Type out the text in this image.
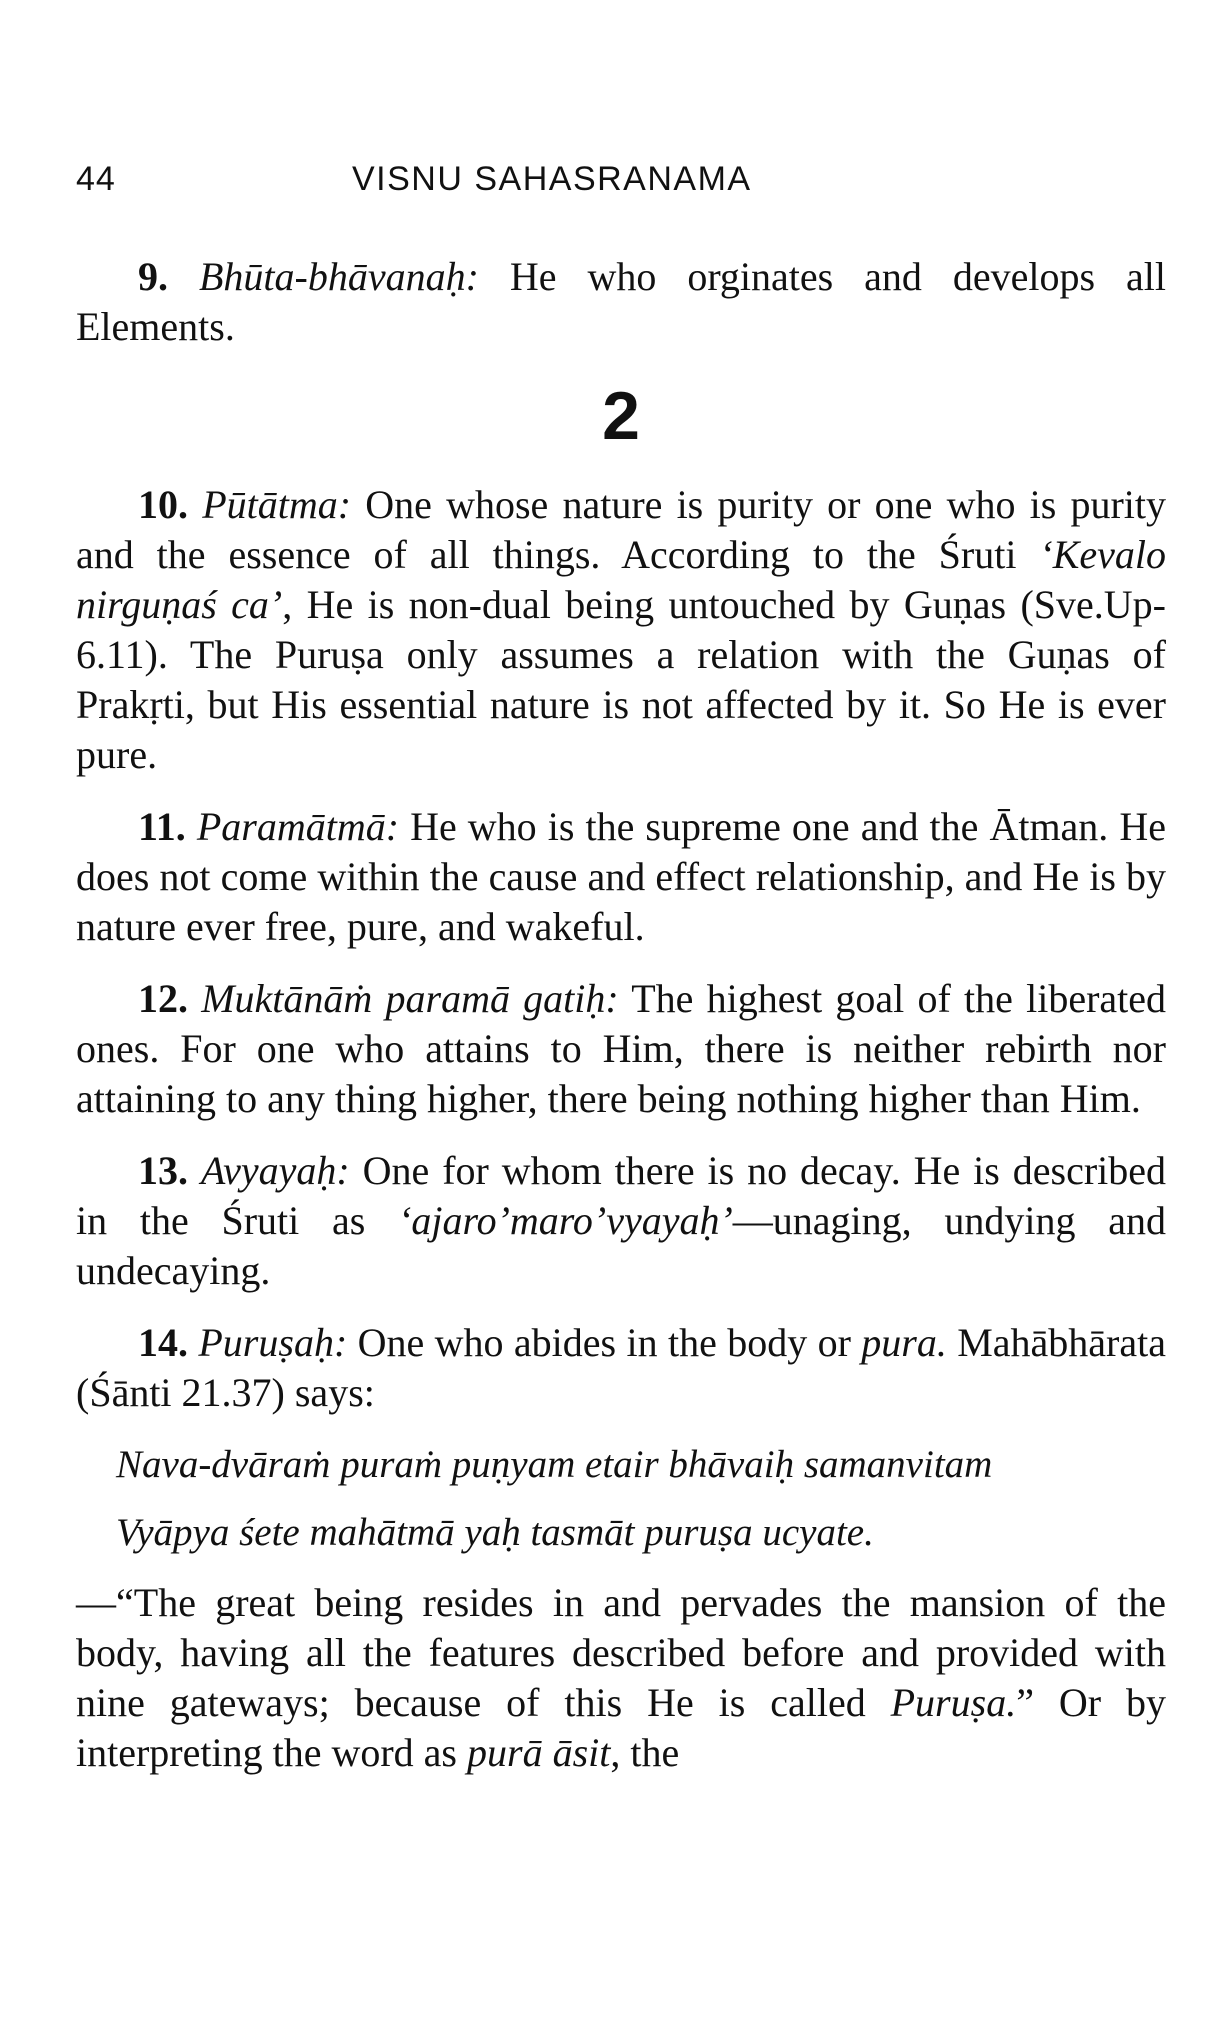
44	VISNU SAHASRANAMA

9. Bhūta-bhāvanaḥ: He who orginates and develops all Elements.

2

10. Pūtātma: One whose nature is purity or one who is purity and the essence of all things. According to the Śruti ‘Kevalo nirguṇaś ca’, He is non-dual being untouched by Guṇas (Sve.Up-6.11). The Puruṣa only assumes a relation with the Guṇas of Prakṛti, but His essential nature is not affected by it. So He is ever pure.

11. Paramātmā: He who is the supreme one and the Ātman. He does not come within the cause and effect relationship, and He is by nature ever free, pure, and wakeful.

12. Muktānāṁ paramā gatiḥ: The highest goal of the liberated ones. For one who attains to Him, there is neither rebirth nor attaining to any thing higher, there being nothing higher than Him.

13. Avyayaḥ: One for whom there is no decay. He is described in the Śruti as ‘ajaro’maro’vyayaḥ’—unaging, undying and undecaying.

14. Puruṣaḥ: One who abides in the body or pura. Mahābhārata (Śānti 21.37) says:

Nava-dvāraṁ puraṁ puṇyam etair bhāvaiḥ samanvitam
Vyāpya śete mahātmā yaḥ tasmāt puruṣa ucyate.

—“The great being resides in and pervades the mansion of the body, having all the features described before and provided with nine gateways; because of this He is called Puruṣa.” Or by interpreting the word as purā āsit, the
